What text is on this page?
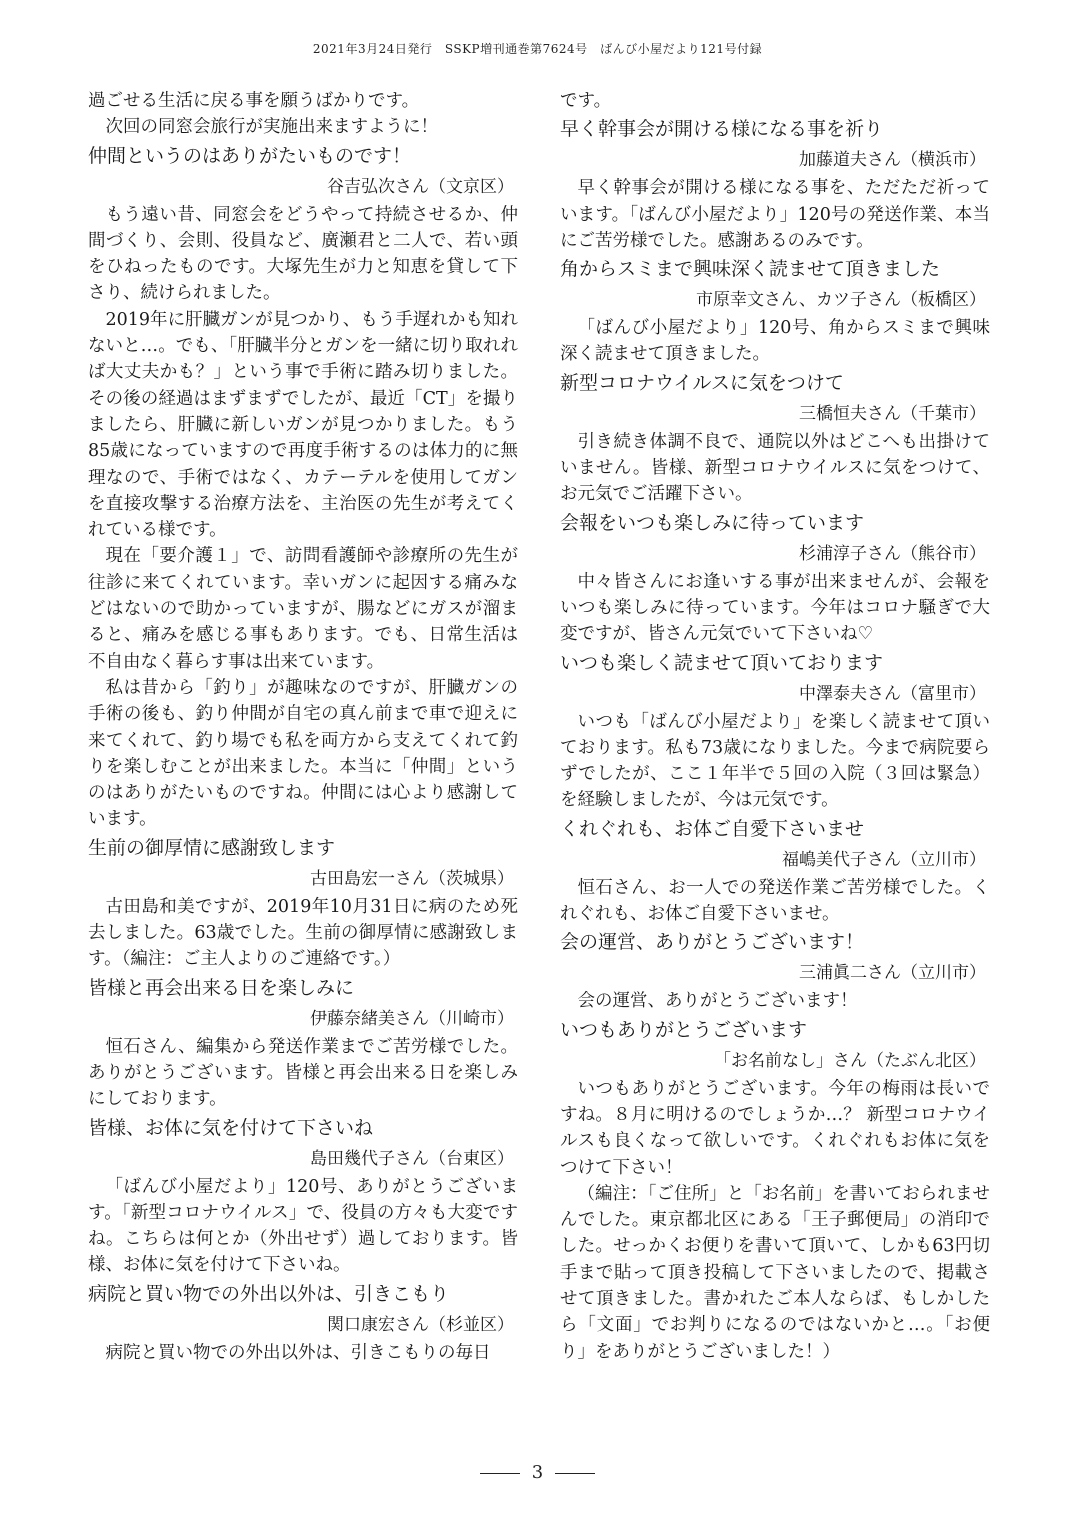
2021年3月24日発行　SSKP増刊通巻第7624号　ばんび小屋だより121号付録

過ごせる生活に戻る事を願うばかりです。

次回の同窓会旅行が実施出来ますように！

仲間というのはありがたいものです！
谷吉弘次さん（文京区）

もう遠い昔、同窓会をどうやって持続させるか、仲間づくり、会則、役員など、廣瀬君と二人で、若い頭をひねったものです。大塚先生が力と知恵を貸して下さり、続けられました。

2019年に肝臓ガンが見つかり、もう手遅れかも知れないと…。でも、「肝臓半分とガンを一緒に切り取れれば大丈夫かも？」という事で手術に踏み切りました。その後の経過はまずまずでしたが、最近「CT」を撮りましたら、肝臓に新しいガンが見つかりました。もう85歳になっていますので再度手術するのは体力的に無理なので、手術ではなく、カテーテルを使用してガンを直接攻撃する治療方法を、主治医の先生が考えてくれている様です。

現在「要介護１」で、訪問看護師や診療所の先生が往診に来てくれています。幸いガンに起因する痛みなどはないので助かっていますが、腸などにガスが溜まると、痛みを感じる事もあります。でも、日常生活は不自由なく暮らす事は出来ています。

私は昔から「釣り」が趣味なのですが、肝臓ガンの手術の後も、釣り仲間が自宅の真ん前まで車で迎えに来てくれて、釣り場でも私を両方から支えてくれて釣りを楽しむことが出来ました。本当に「仲間」というのはありがたいものですね。仲間には心より感謝しています。

生前の御厚情に感謝致します
古田島宏一さん（茨城県）

古田島和美ですが、2019年10月31日に病のため死去しました。63歳でした。生前の御厚情に感謝致します。（編注：ご主人よりのご連絡です。）

皆様と再会出来る日を楽しみに
伊藤奈緒美さん（川崎市）

恒石さん、編集から発送作業までご苦労様でした。ありがとうございます。皆様と再会出来る日を楽しみにしております。

皆様、お体に気を付けて下さいね
島田幾代子さん（台東区）

「ばんび小屋だより」120号、ありがとうございます。「新型コロナウイルス」で、役員の方々も大変ですね。こちらは何とか（外出せず）過しております。皆様、お体に気を付けて下さいね。

病院と買い物での外出以外は、引きこもり
関口康宏さん（杉並区）

病院と買い物での外出以外は、引きこもりの毎日

です。

早く幹事会が開ける様になる事を祈り
加藤道夫さん（横浜市）

早く幹事会が開ける様になる事を、ただただ祈っています。「ばんび小屋だより」120号の発送作業、本当にご苦労様でした。感謝あるのみです。

角からスミまで興味深く読ませて頂きました
市原幸文さん、カツ子さん（板橋区）

「ばんび小屋だより」120号、角からスミまで興味深く読ませて頂きました。

新型コロナウイルスに気をつけて
三橋恒夫さん（千葉市）

引き続き体調不良で、通院以外はどこへも出掛けていません。皆様、新型コロナウイルスに気をつけて、お元気でご活躍下さい。

会報をいつも楽しみに待っています
杉浦淳子さん（熊谷市）

中々皆さんにお逢いする事が出来ませんが、会報をいつも楽しみに待っています。今年はコロナ騒ぎで大変ですが、皆さん元気でいて下さいね♡

いつも楽しく読ませて頂いております
中澤泰夫さん（富里市）

いつも「ばんび小屋だより」を楽しく読ませて頂いております。私も73歳になりました。今まで病院要らずでしたが、ここ１年半で５回の入院（３回は緊急）を経験しましたが、今は元気です。

くれぐれも、お体ご自愛下さいませ
福嶋美代子さん（立川市）

恒石さん、お一人での発送作業ご苦労様でした。くれぐれも、お体ご自愛下さいませ。

会の運営、ありがとうございます！
三浦眞二さん（立川市）

会の運営、ありがとうございます！

いつもありがとうございます
「お名前なし」さん（たぶん北区）

いつもありがとうございます。今年の梅雨は長いですね。８月に明けるのでしょうか…？ 新型コロナウイルスも良くなって欲しいです。くれぐれもお体に気をつけて下さい！

（編注：「ご住所」と「お名前」を書いておられませんでした。東京都北区にある「王子郵便局」の消印でした。せっかくお便りを書いて頂いて、しかも63円切手まで貼って頂き投稿して下さいましたので、掲載させて頂きました。書かれたご本人ならば、もしかしたら「文面」でお判りになるのではないかと…。「お便り」をありがとうございました！）

3
